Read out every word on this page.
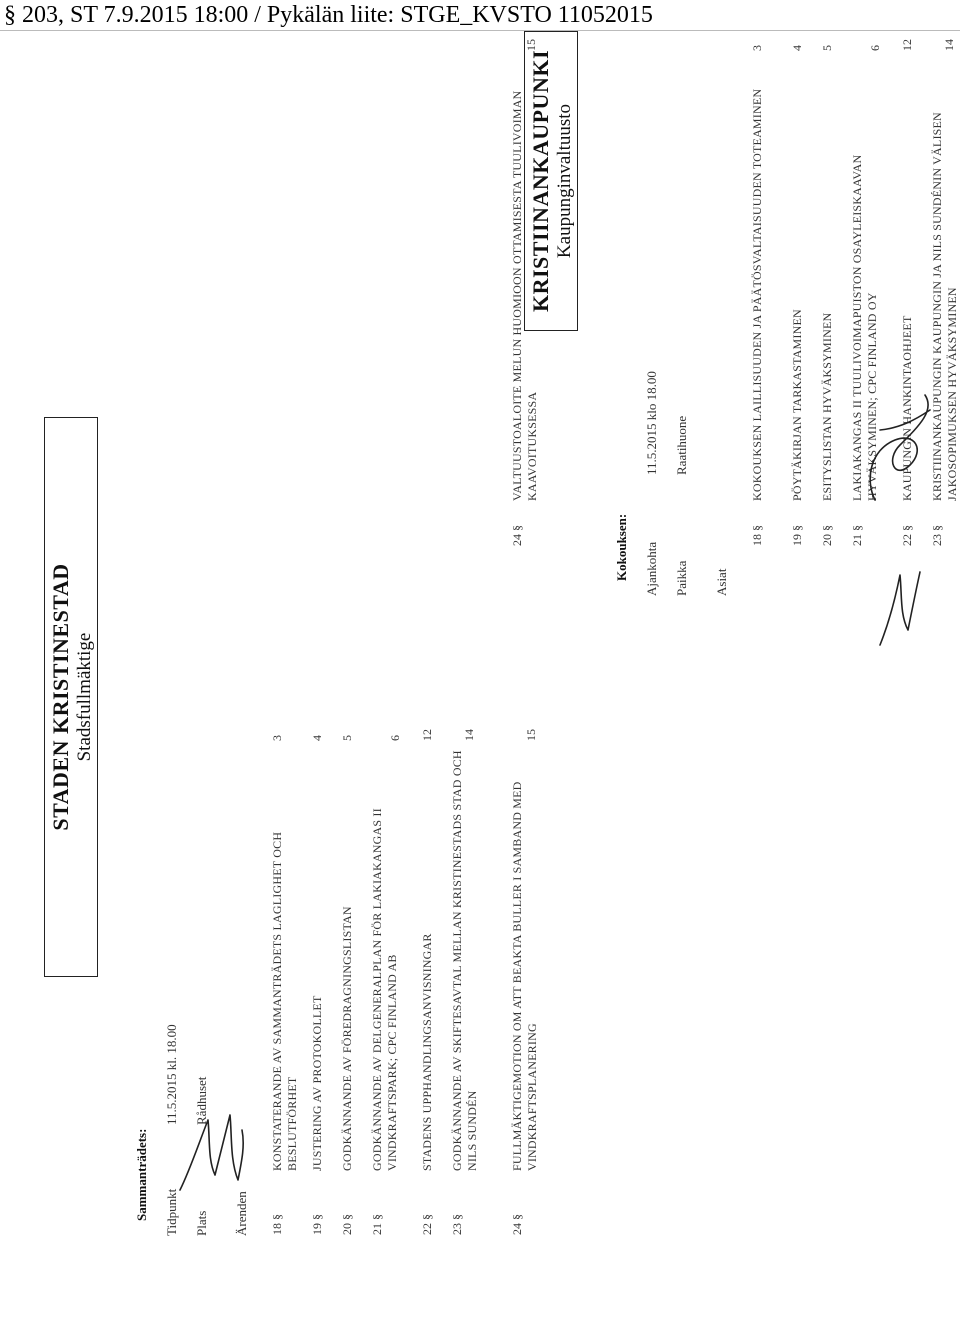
§ 203, ST 7.9.2015 18:00 / Pykälän liite: STGE_KVSTO 11052015
STADEN KRISTINESTAD Stadsfullmäktige
Sammanträdets: Tidpunkt
11.5.2015 kl. 18.00
Plats
Rådhuset
Ärenden 18 §
KONSTATERANDE AV SAMMANTRÄDETS LAGLIGHET OCH BESLUTFÖRHET
3
19 §
JUSTERING AV PROTOKOLLET
4
20 §
GODKÄNNANDE AV FÖREDRAGNINGSLISTAN
5
21 §
GODKÄNNANDE AV DELGENERALPLAN FÖR LAKIAKANGAS II VINDKRAFTSPARK; CPC FINLAND AB
6
22 §
STADENS UPPHANDLINGSANVISNINGAR
12
23 §
GODKÄNNANDE AV SKIFTESAVTAL MELLAN KRISTINESTADS STAD OCH NILS SUNDÉN
14
KRISTIINANKAUPUNKI Kaupunginvaltuusto
Kokouksen: Ajankohta
11.5.2015 klo 18.00
Paikka
Raatihuone
Asiat
18 §
KOKOUKSEN LAILLISUUDEN JA PÄÄTÖSVALTAISUUDEN TOTEAMINEN
3
19 §
PÖYTÄKIRJAN TARKASTAMINEN
4
20 §
ESITYSLISTAN HYVÄKSYMINEN
5
21 §
LAKIAKANGAS II TUULIVOIMAPUISTON OSAYLEISKAAVAN HYVÄKSYMINEN; CPC FINLAND OY
6
22 §
KAUPUNGIN HANKINTAOHJEET
12
23 §
KRISTIINANKAUPUNGIN KAUPUNGIN JA NILS SUNDÉNIN VÄLISEN JAKOSOPIMUKSEN HYVÄKSYMINEN
14
24 §
FULLMÄKTIGEMOTION OM ATT BEAKTA BULLER I SAMBAND MED VINDKRAFTSPLANERING
15
24 §
VALTUUSTOALOITE MELUN HUOMIOON OTTAMISESTA TUULIVOIMAN KAAVOITUKSESSA
15
